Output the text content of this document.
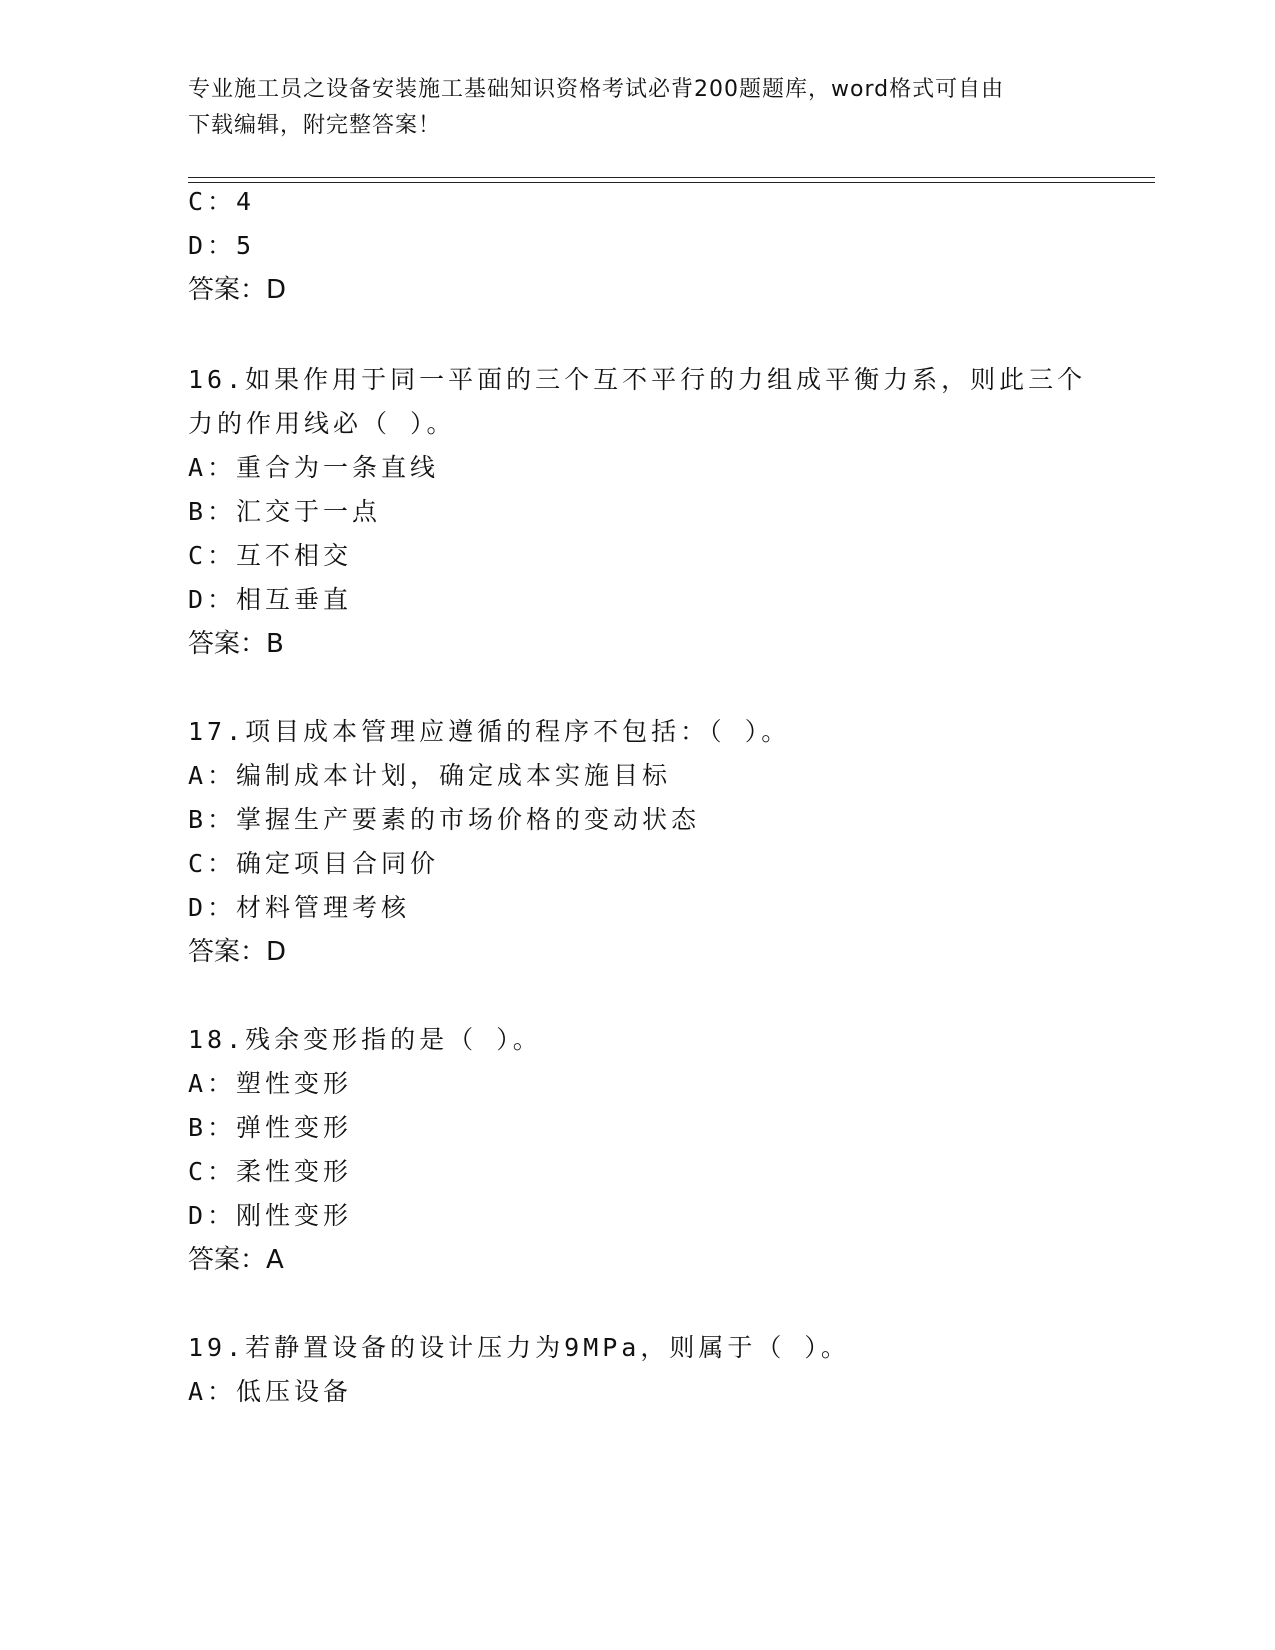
专业施工员之设备安装施工基础知识资格考试必背200题题库，word格式可自由
下载编辑，附完整答案！
C：4
D：5
答案：D
16.如果作用于同一平面的三个互不平行的力组成平衡力系，则此三个
力的作用线必（ ）。
A：重合为一条直线
B：汇交于一点
C：互不相交
D：相互垂直
答案：B
17.项目成本管理应遵循的程序不包括：（ ）。
A：编制成本计划，确定成本实施目标
B：掌握生产要素的市场价格的变动状态
C：确定项目合同价
D：材料管理考核
答案：D
18.残余变形指的是（ ）。
A：塑性变形
B：弹性变形
C：柔性变形
D：刚性变形
答案：A
19.若静置设备的设计压力为9MPa，则属于（ ）。
A：低压设备
